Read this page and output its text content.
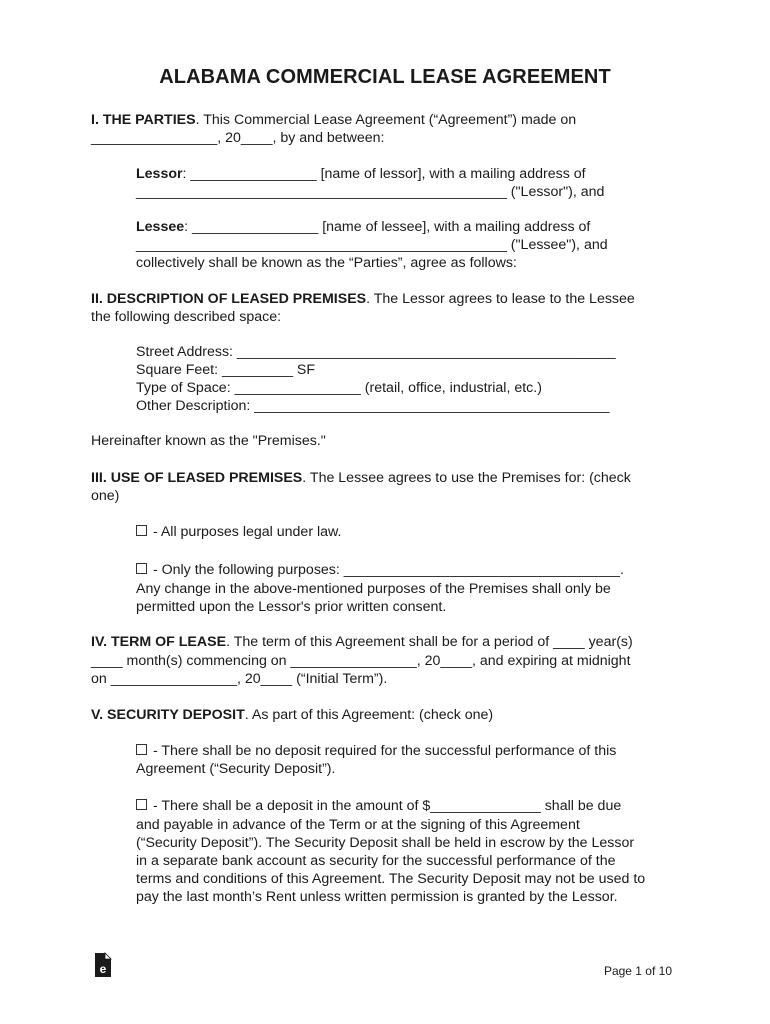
ALABAMA COMMERCIAL LEASE AGREEMENT
I. THE PARTIES. This Commercial Lease Agreement (“Agreement”) made on
________________, 20____, by and between:
Lessor: ________________ [name of lessor], with a mailing address of
_______________________________________________ ("Lessor"), and
Lessee: ________________ [name of lessee], with a mailing address of
_______________________________________________ ("Lessee"), and
collectively shall be known as the “Parties”, agree as follows:
II. DESCRIPTION OF LEASED PREMISES. The Lessor agrees to lease to the Lessee
the following described space:
Street Address: ________________________________________________
Square Feet: _________ SF
Type of Space: ________________ (retail, office, industrial, etc.)
Other Description: _____________________________________________
Hereinafter known as the "Premises."
III. USE OF LEASED PREMISES. The Lessee agrees to use the Premises for: (check
one)
- All purposes legal under law.
- Only the following purposes: ___________________________________.
Any change in the above-mentioned purposes of the Premises shall only be
permitted upon the Lessor's prior written consent.
IV. TERM OF LEASE. The term of this Agreement shall be for a period of ____ year(s)
____ month(s) commencing on ________________, 20____, and expiring at midnight
on ________________, 20____ (“Initial Term”).
V. SECURITY DEPOSIT. As part of this Agreement: (check one)
- There shall be no deposit required for the successful performance of this
Agreement (“Security Deposit”).
- There shall be a deposit in the amount of $______________ shall be due
and payable in advance of the Term or at the signing of this Agreement
(“Security Deposit”). The Security Deposit shall be held in escrow by the Lessor
in a separate bank account as security for the successful performance of the
terms and conditions of this Agreement. The Security Deposit may not be used to
pay the last month’s Rent unless written permission is granted by the Lessor.
e	Page 1 of 10
